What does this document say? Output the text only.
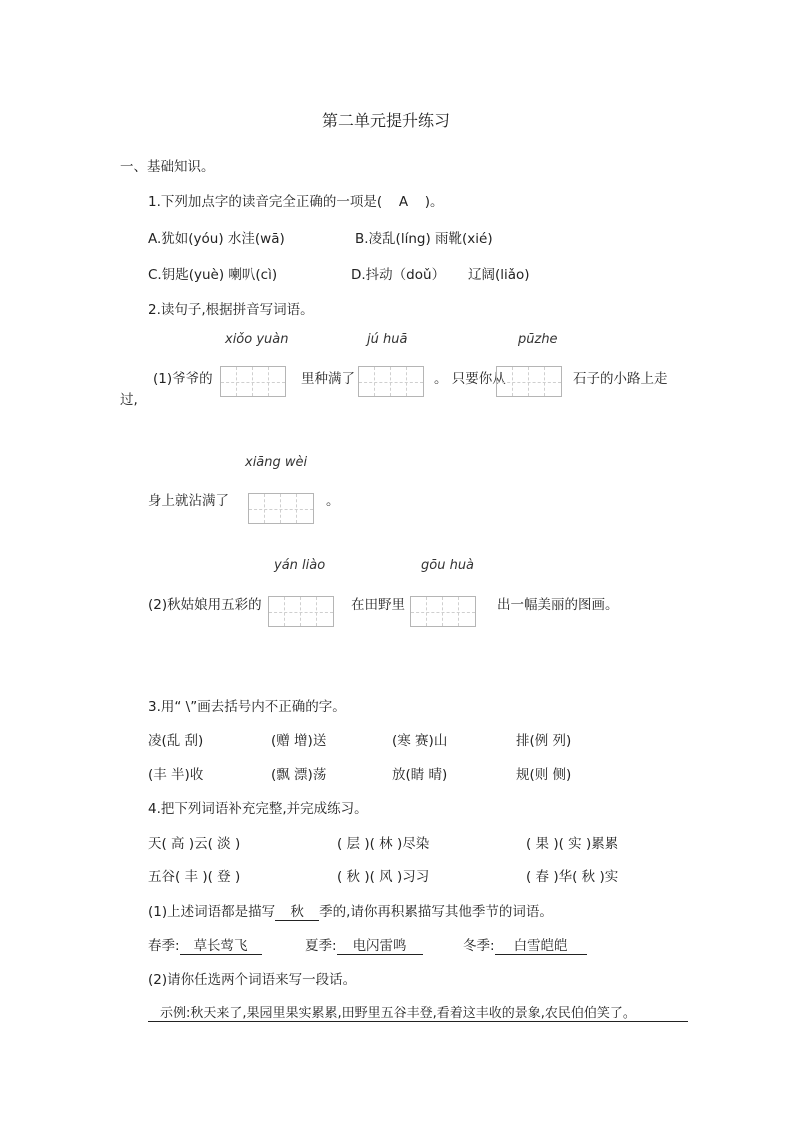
第二单元提升练习
一、基础知识。
1.下列加点字的读音完全正确的一项是( A )。
A.犹如(yóu) 水洼(wā)	B.凌乱(líng) 雨靴(xié)
C.钥匙(yuè) 喇叭(cì)	D.抖动（doǔ） 辽阔(liǎo)
2.读句子,根据拼音写词语。
xiǒo yuàn	jú huā	pūzhe
(1)爷爷的	里种满了	。 只要你从	石子的小路上走
过,
xiāng wèi
身上就沾满了	。
yán liào	gōu huà
(2)秋姑娘用五彩的	在田野里	出一幅美丽的图画。
3.用“ \”画去括号内不正确的字。
凌(乱 刮)	(赠 增)送	(寒 赛)山	排(例 列)
(丰 半)收	(飘 漂)荡	放(睛 晴)	规(则 侧)
4.把下列词语补充完整,并完成练习。
天( 高 )云( 淡 )	( 层 )( 林 )尽染	( 果 )( 实 )累累
五谷( 丰 )( 登 )	( 秋 )( 风 )习习	( 春 )华( 秋 )实
(1)上述词语都是描写 秋 季的,请你再积累描写其他季节的词语。
春季: 草长莺飞	夏季: 电闪雷鸣	冬季: 白雪皑皑
(2)请你任选两个词语来写一段话。
示例:秋天来了,果园里果实累累,田野里五谷丰登,看着这丰收的景象,农民伯伯笑了。
